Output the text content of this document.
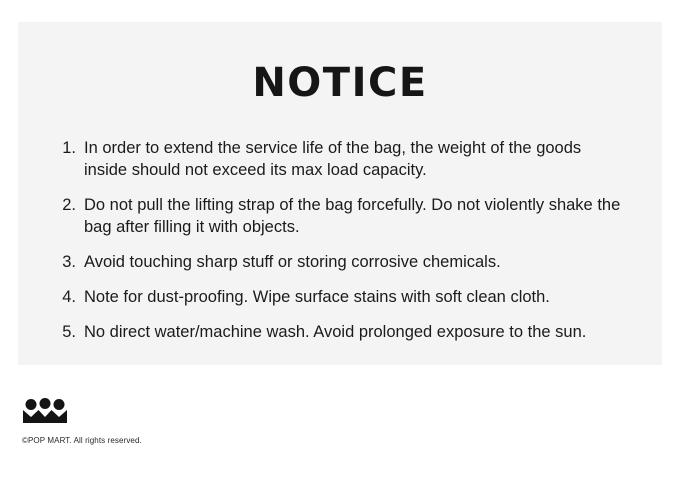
NOTICE
1. In order to extend the service life of the bag, the weight of the goods inside should not exceed its max load capacity.
2. Do not pull the lifting strap of the bag forcefully. Do not violently shake the bag after filling it with objects.
3. Avoid touching sharp stuff or storing corrosive chemicals.
4. Note for dust-proofing. Wipe surface stains with soft clean cloth.
5. No direct water/machine wash. Avoid prolonged exposure to the sun.
©POP MART. All rights reserved.
